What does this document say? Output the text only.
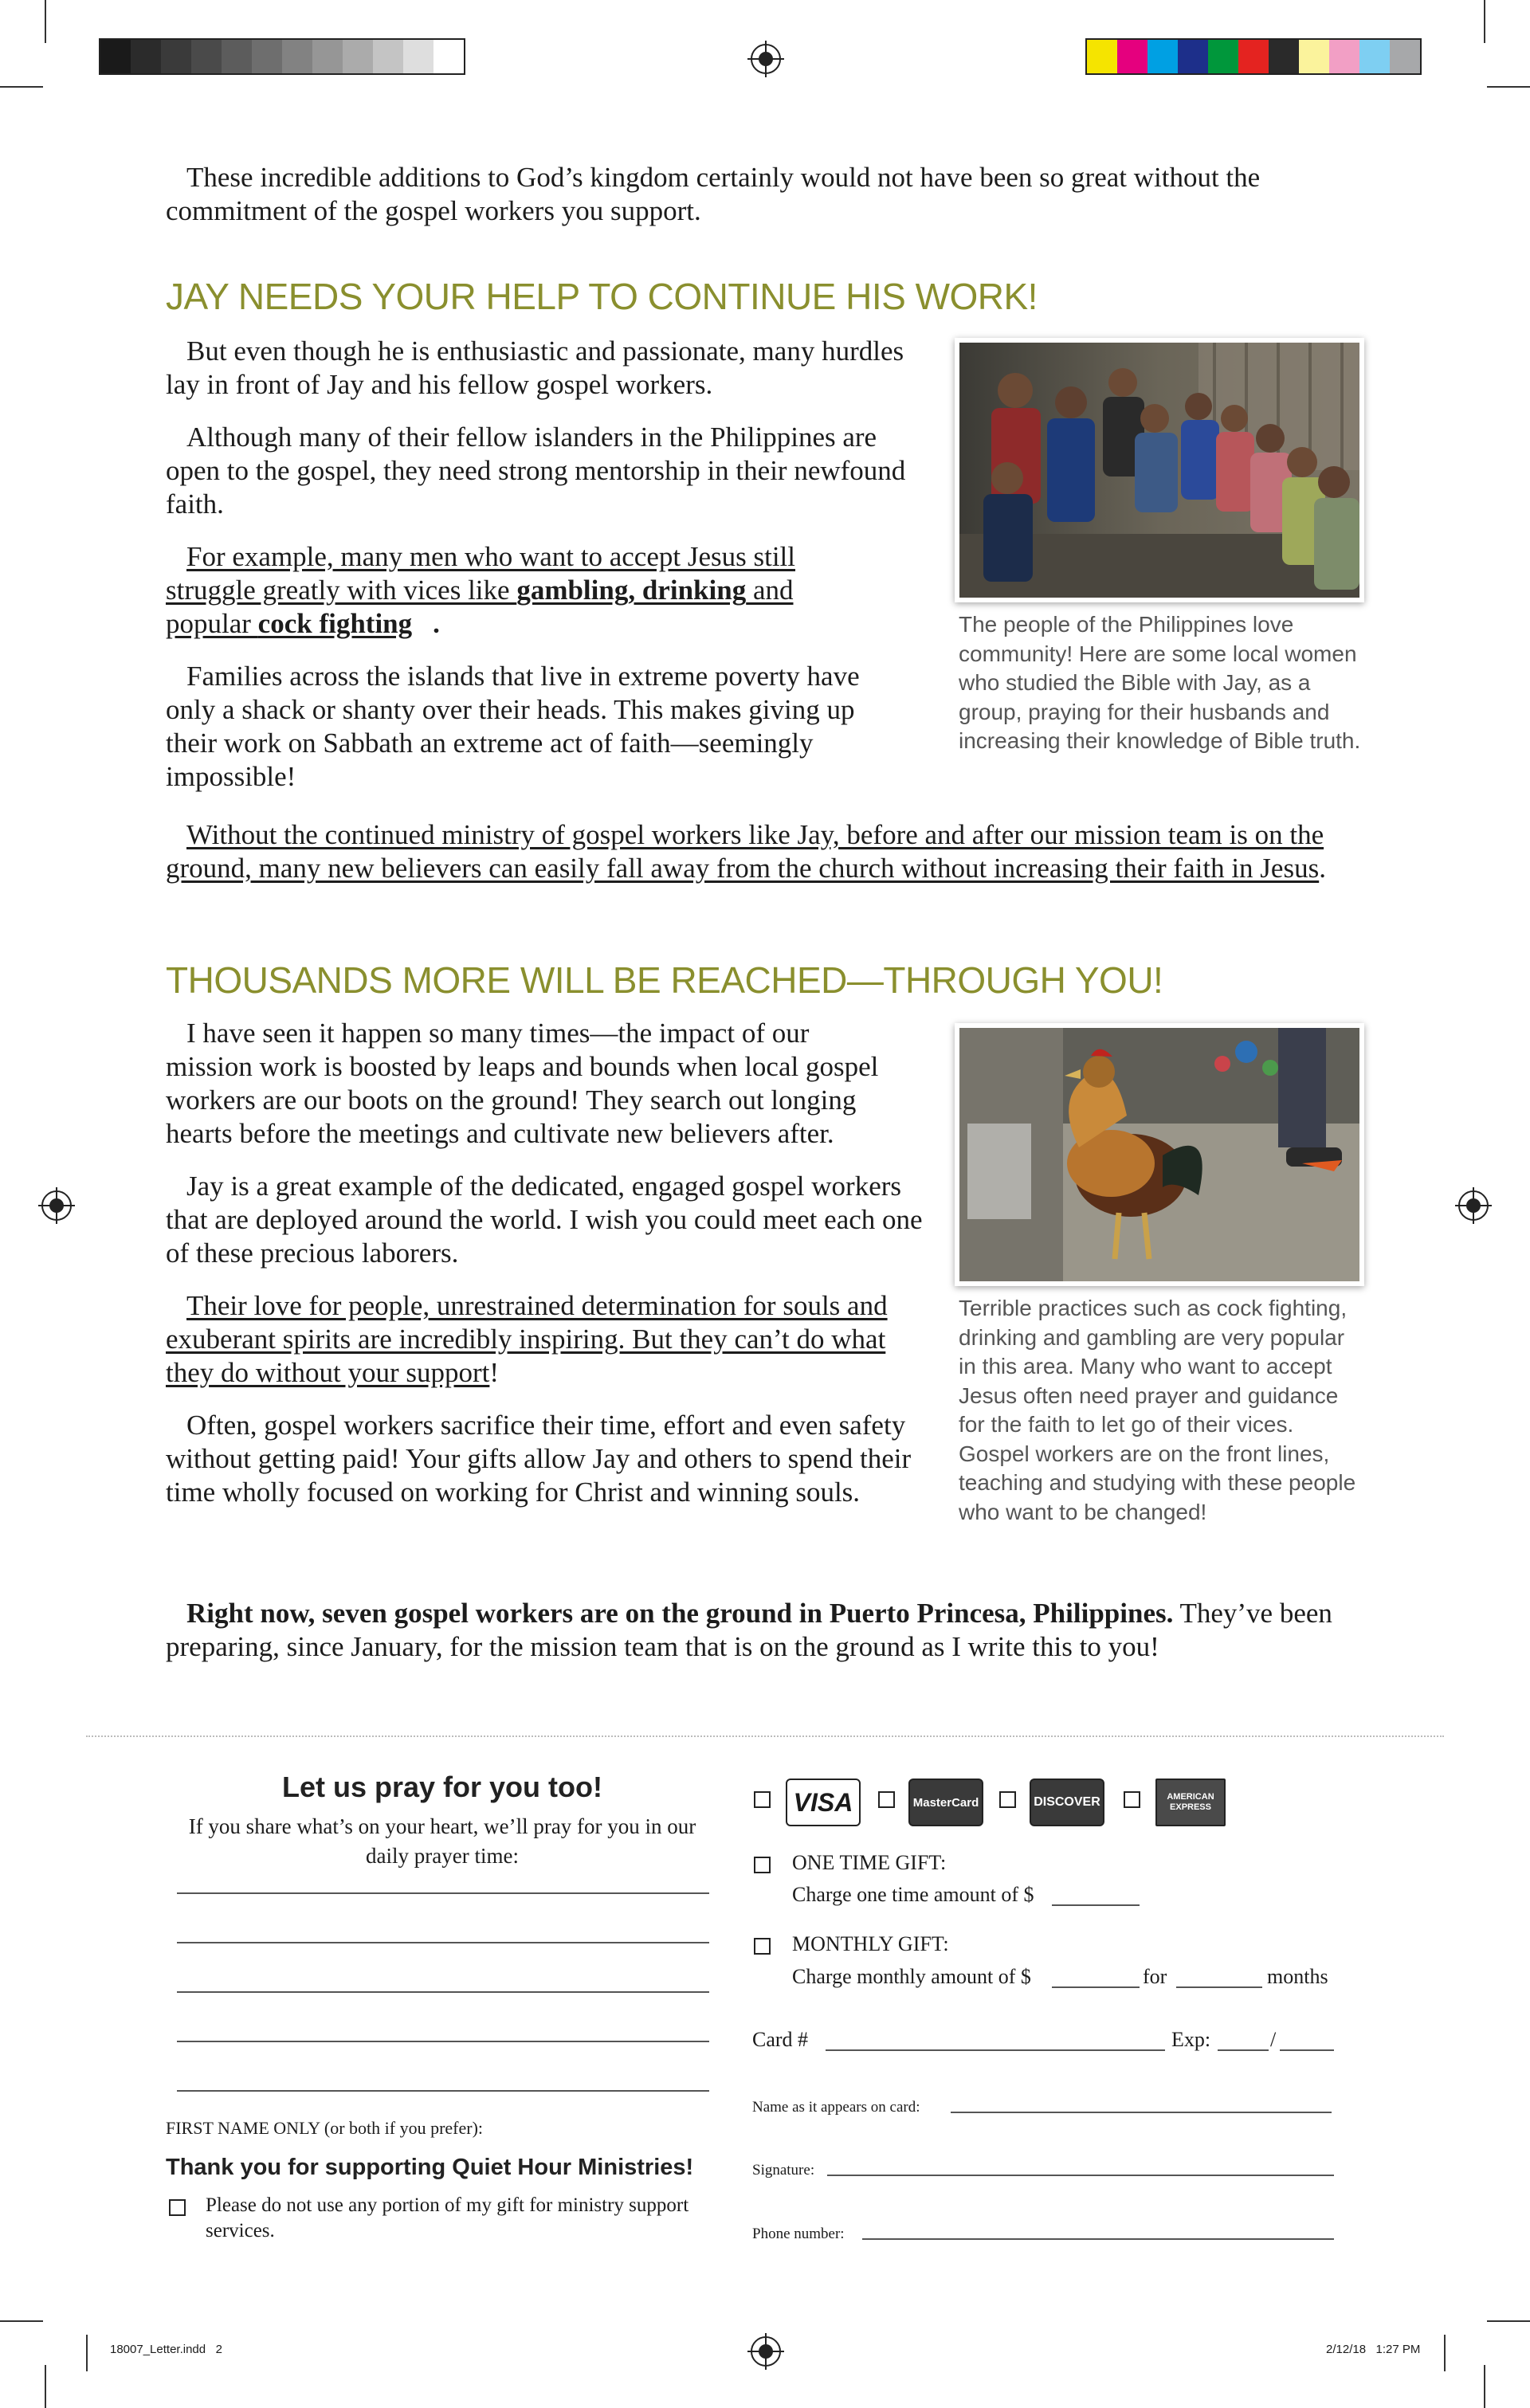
These incredible additions to God’s kingdom certainly would not have been so great without the commitment of the gospel workers you support.

JAY NEEDS YOUR HELP TO CONTINUE HIS WORK!

But even though he is enthusiastic and passionate, many hurdles lay in front of Jay and his fellow gospel workers.

Although many of their fellow islanders in the Philippines are open to the gospel, they need strong mentorship in their newfound faith.

For example, many men who want to accept Jesus still struggle greatly with vices like gambling, drinking and popular cock fighting .

Families across the islands that live in extreme poverty have only a shack or shanty over their heads. This makes giving up their work on Sabbath an extreme act of faith—seemingly impossible!

Without the continued ministry of gospel workers like Jay, before and after our mission team is on the ground, many new believers can easily fall away from the church without increasing their faith in Jesus.

The people of the Philippines love community! Here are some local women who studied the Bible with Jay, as a group, praying for their husbands and increasing their knowledge of Bible truth.
THOUSANDS MORE WILL BE REACHED—THROUGH YOU!

I have seen it happen so many times—the impact of our mission work is boosted by leaps and bounds when local gospel workers are our boots on the ground! They search out longing hearts before the meetings and cultivate new believers after.

Jay is a great example of the dedicated, engaged gospel workers that are deployed around the world. I wish you could meet each one of these precious laborers.

Their love for people, unrestrained determination for souls and exuberant spirits are incredibly inspiring. But they can’t do what they do without your support!

Often, gospel workers sacrifice their time, effort and even safety without getting paid! Your gifts allow Jay and others to spend their time wholly focused on working for Christ and winning souls.

Right now, seven gospel workers are on the ground in Puerto Princesa, Philippines. They’ve been preparing, since January, for the mission team that is on the ground as I write this to you!

Terrible practices such as cock fighting, drinking and gambling are very popular in this area. Many who want to accept Jesus often need prayer and guidance for the faith to let go of their vices. Gospel workers are on the front lines, teaching and studying with these people who want to be changed!
Let us pray for you too!
If you share what’s on your heart, we’ll pray for you in our daily prayer time:
FIRST NAME ONLY (or both if you prefer):
Thank you for supporting Quiet Hour Ministries!
Please do not use any portion of my gift for ministry support services.
VISA	MasterCard	DISCOVER	AMERICAN EXPRESS
ONE TIME GIFT:
Charge one time amount of $
MONTHLY GIFT:
Charge monthly amount of $	for	months
Card #	Exp:	/
Name as it appears on card:
Signature:
Phone number:
18007_Letter.indd   2	2/12/18   1:27 PM
